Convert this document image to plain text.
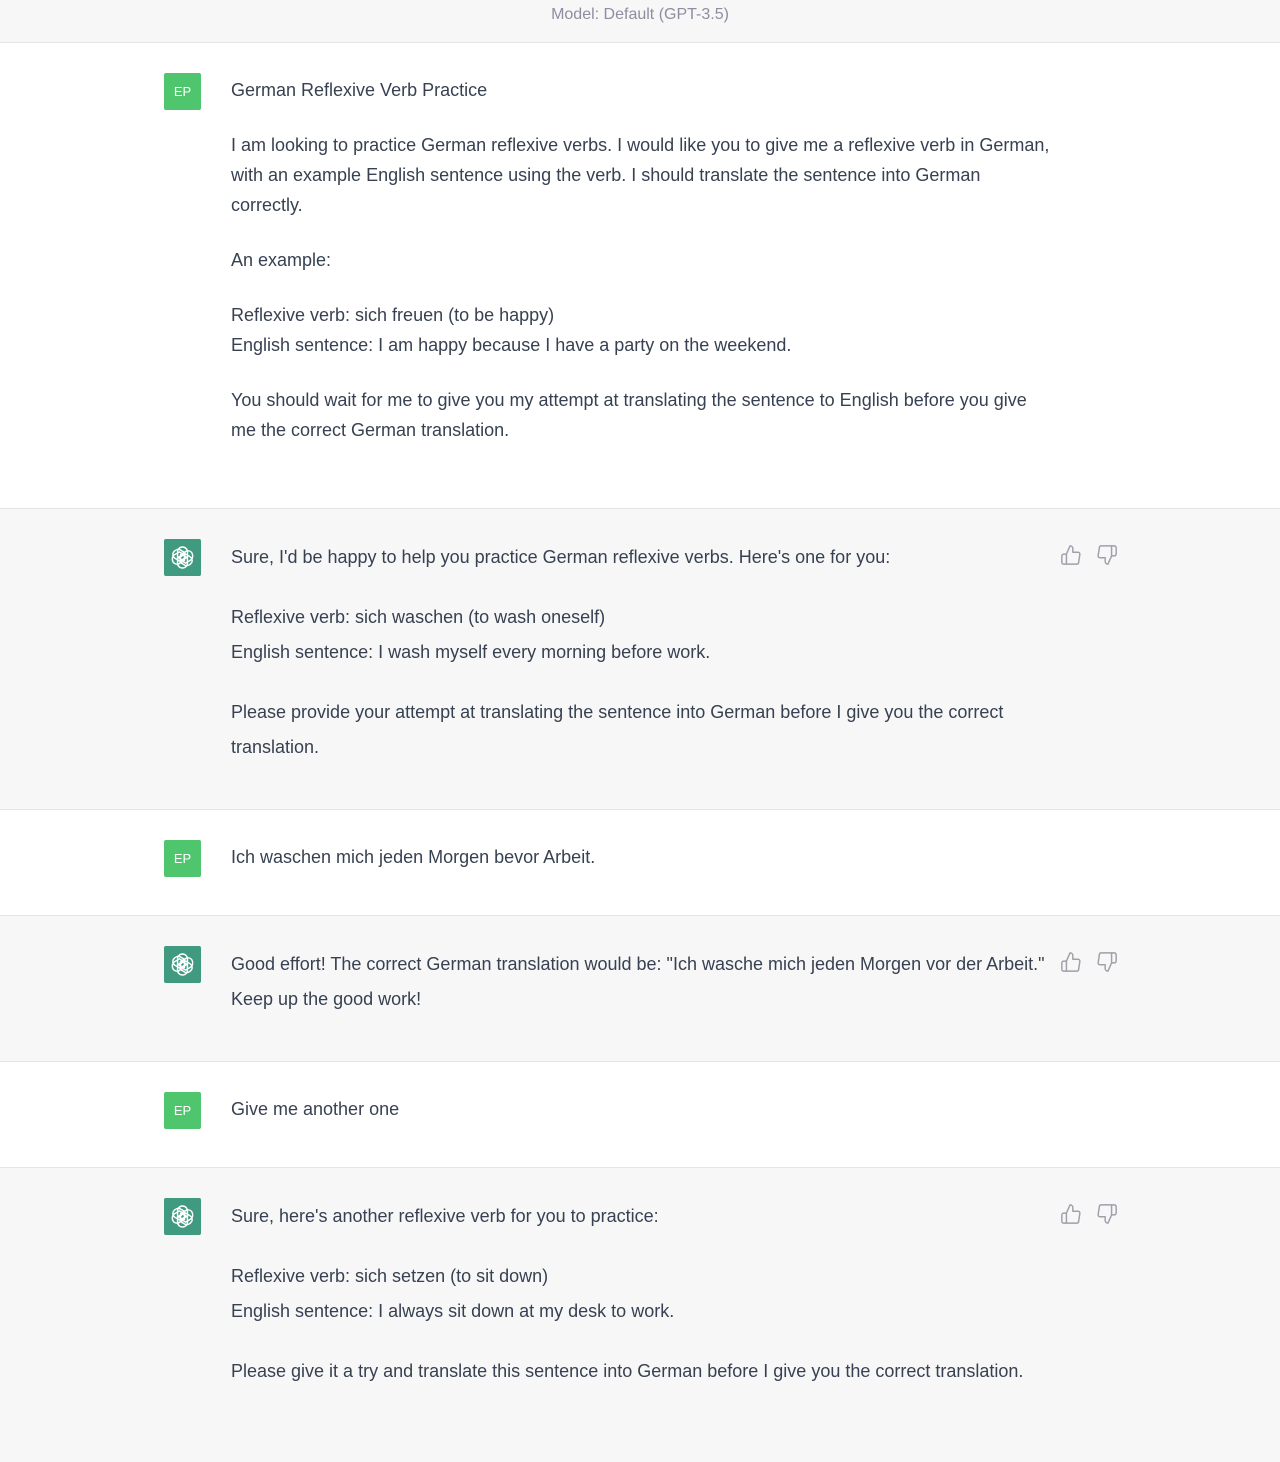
Model: Default (GPT-3.5)
EP German Reflexive Verb Practice

I am looking to practice German reflexive verbs. I would like you to give me a reflexive verb in German, with an example English sentence using the verb. I should translate the sentence into German correctly.

An example:

Reflexive verb: sich freuen (to be happy)
English sentence: I am happy because I have a party on the weekend.

You should wait for me to give you my attempt at translating the sentence to English before you give me the correct German translation.

Sure, I'd be happy to help you practice German reflexive verbs. Here's one for you:

Reflexive verb: sich waschen (to wash oneself)
English sentence: I wash myself every morning before work.

Please provide your attempt at translating the sentence into German before I give you the correct translation.

EP Ich waschen mich jeden Morgen bevor Arbeit.

Good effort! The correct German translation would be: "Ich wasche mich jeden Morgen vor der Arbeit." Keep up the good work!

EP Give me another one

Sure, here's another reflexive verb for you to practice:

Reflexive verb: sich setzen (to sit down)
English sentence: I always sit down at my desk to work.

Please give it a try and translate this sentence into German before I give you the correct translation.
